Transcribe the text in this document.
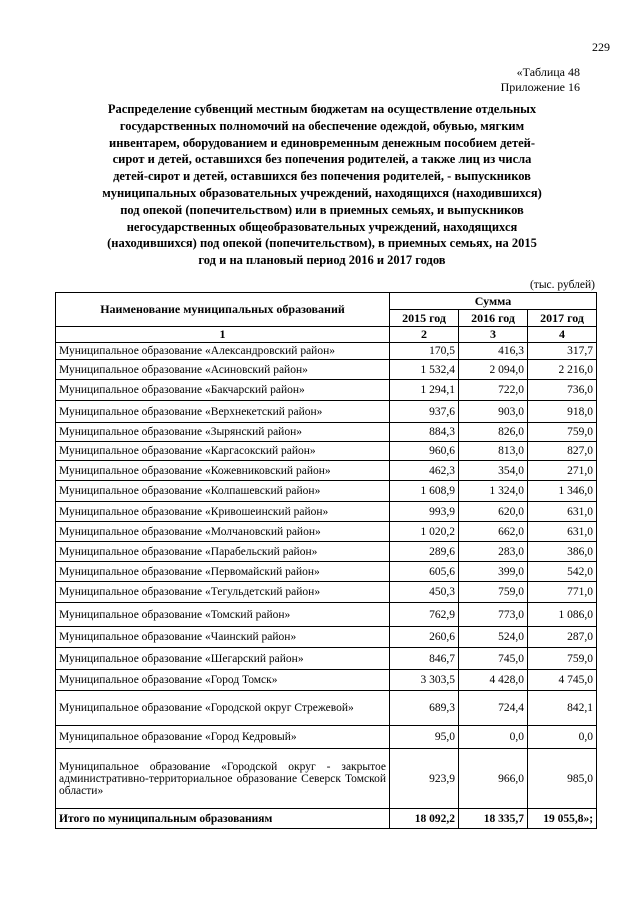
229
«Таблица 48
Приложение 16
Распределение субвенций местным бюджетам на осуществление отдельных
государственных полномочий на обеспечение одеждой, обувью, мягким
инвентарем, оборудованием и единовременным денежным пособием детей-
сирот и детей, оставшихся без попечения родителей, а также лиц из числа
детей-сирот и детей, оставшихся без попечения родителей, - выпускников
муниципальных образовательных учреждений, находящихся (находившихся)
под опекой (попечительством) или в приемных семьях, и выпускников
негосударственных общеобразовательных учреждений, находящихся
(находившихся) под опекой (попечительством), в приемных семьях, на 2015
год и на плановый период 2016 и 2017 годов
(тыс. рублей)
Наименование муниципальных образований	Сумма		
	2015 год	2016 год	2017 год
1	2	3	4
Муниципальное образование «Александровский район»	170,5	416,3	317,7
Муниципальное образование «Асиновский район»	1 532,4	2 094,0	2 216,0
Муниципальное образование «Бакчарский район»	1 294,1	722,0	736,0
Муниципальное образование «Верхнекетский район»	937,6	903,0	918,0
Муниципальное образование «Зырянский район»	884,3	826,0	759,0
Муниципальное образование «Каргасокский район»	960,6	813,0	827,0
Муниципальное образование «Кожевниковский район»	462,3	354,0	271,0
Муниципальное образование «Колпашевский район»	1 608,9	1 324,0	1 346,0
Муниципальное образование «Кривошеинский район»	993,9	620,0	631,0
Муниципальное образование «Молчановский район»	1 020,2	662,0	631,0
Муниципальное образование «Парабельский район»	289,6	283,0	386,0
Муниципальное образование «Первомайский район»	605,6	399,0	542,0
Муниципальное образование «Тегульдетский район»	450,3	759,0	771,0
Муниципальное образование «Томский район»	762,9	773,0	1 086,0
Муниципальное образование «Чаинский район»	260,6	524,0	287,0
Муниципальное образование «Шегарский район»	846,7	745,0	759,0
Муниципальное образование «Город Томск»	3 303,5	4 428,0	4 745,0
Муниципальное образование «Городской округ Стрежевой»	689,3	724,4	842,1
Муниципальное образование «Город Кедровый»	95,0	0,0	0,0
Муниципальное образование «Городской округ - закрытое административно-территориальное образование Северск Томской области»	923,9	966,0	985,0
Итого по муниципальным образованиям	18 092,2	18 335,7	19 055,8»;
